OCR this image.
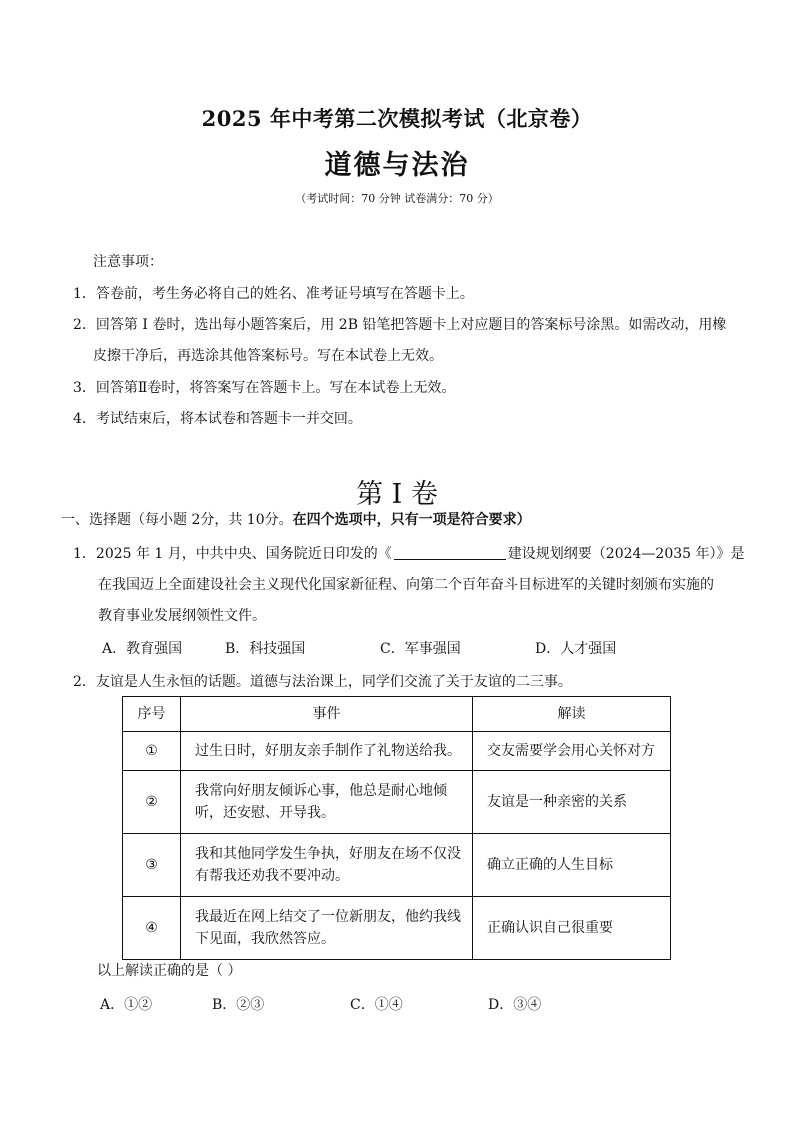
2025 年中考第二次模拟考试（北京卷）
道德与法治
（考试时间：70 分钟 试卷满分：70 分）
注意事项：
1．答卷前，考生务必将自己的姓名、准考证号填写在答题卡上。
2．回答第 I 卷时，选出每小题答案后，用 2B 铅笔把答题卡上对应题目的答案标号涂黑。如需改动，用橡
皮擦干净后，再选涂其他答案标号。写在本试卷上无效。
3．回答第Ⅱ卷时，将答案写在答题卡上。写在本试卷上无效。
4．考试结束后，将本试卷和答题卡一并交回。
第 I 卷
一、选择题（每小题 2分，共 10分。在四个选项中，只有一项是符合要求）
1．2025 年 1 月，中共中央、国务院近日印发的《	建设规划纲要（2024—2035 年）》是
在我国迈上全面建设社会主义现代化国家新征程、向第二个百年奋斗目标进军的关键时刻颁布实施的
教育事业发展纲领性文件。
A．教育强国	B．科技强国	C．军事强国	D．人才强国
2．友谊是人生永恒的话题。道德与法治课上，同学们交流了关于友谊的二三事。
序号	事件	解读
①	过生日时，好朋友亲手制作了礼物送给我。	交友需要学会用心关怀对方
②	我常向好朋友倾诉心事，他总是耐心地倾听，还安慰、开导我。	友谊是一种亲密的关系
③	我和其他同学发生争执，好朋友在场不仅没有帮我还劝我不要冲动。	确立正确的人生目标
④	我最近在网上结交了一位新朋友，他约我线下见面，我欣然答应。	正确认识自己很重要
以上解读正确的是（ ）
A．①②	B．②③	C．①④	D．③④
